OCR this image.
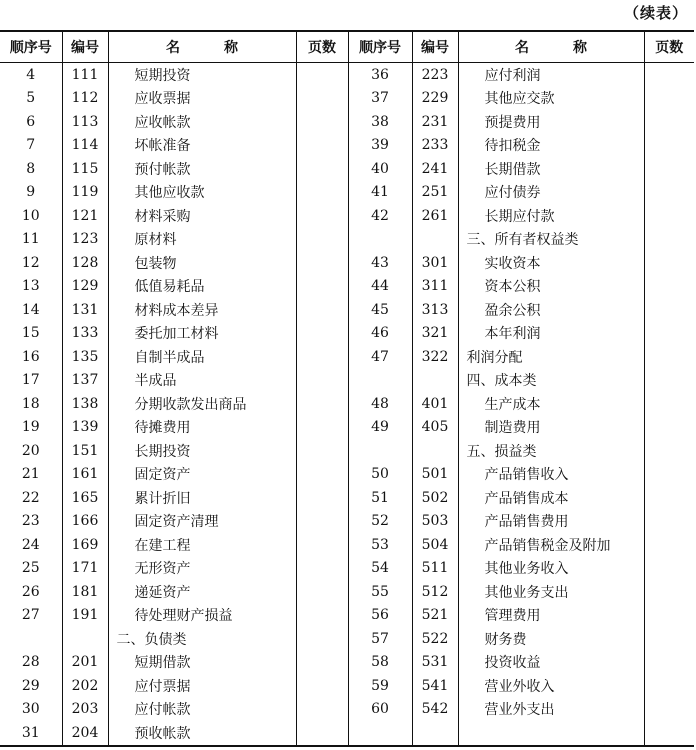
（续表）
顺序号	编号	名 称	页数	顺序号	编号	名 称	页数
4	111	短期投资		36	223	应付利润	
5	112	应收票据		37	229	其他应交款	
6	113	应收帐款		38	231	预提费用	
7	114	坏帐准备		39	233	待扣税金	
8	115	预付帐款		40	241	长期借款	
9	119	其他应收款		41	251	应付债券	
10	121	材料采购		42	261	长期应付款	
11	123	原材料				三、所有者权益类	
12	128	包装物		43	301	实收资本	
13	129	低值易耗品		44	311	资本公积	
14	131	材料成本差异		45	313	盈余公积	
15	133	委托加工材料		46	321	本年利润	
16	135	自制半成品		47	322	利润分配	
17	137	半成品				四、成本类	
18	138	分期收款发出商品		48	401	生产成本	
19	139	待摊费用		49	405	制造费用	
20	151	长期投资				五、损益类	
21	161	固定资产		50	501	产品销售收入	
22	165	累计折旧		51	502	产品销售成本	
23	166	固定资产清理		52	503	产品销售费用	
24	169	在建工程		53	504	产品销售税金及附加	
25	171	无形资产		54	511	其他业务收入	
26	181	递延资产		55	512	其他业务支出	
27	191	待处理财产损益		56	521	管理费用	
		二、负债类		57	522	财务费	
28	201	短期借款		58	531	投资收益	
29	202	应付票据		59	541	营业外收入	
30	203	应付帐款		60	542	营业外支出	
31	204	预收帐款					
